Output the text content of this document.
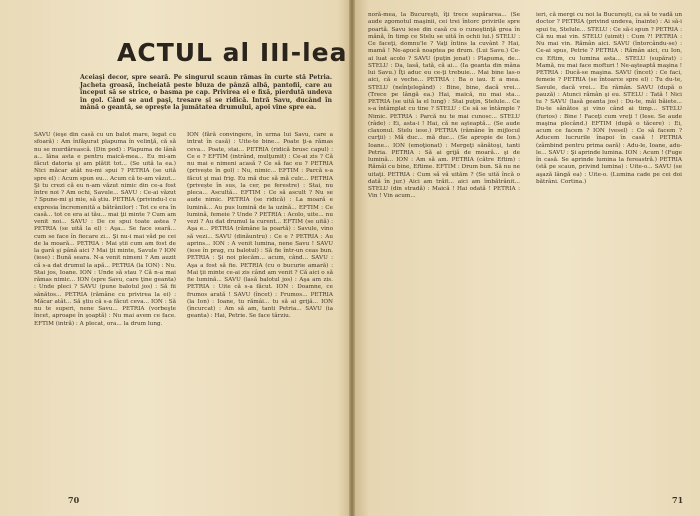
ACTUL al III-lea
Aceiaşi decor, spre seară. Pe singurul scaun rămas în curte stă Petria. Jacheta groasă, încheiată peste bluza de pânză albă, pantofii, care au început să se strice, o basma pe cap. Privirea ei e fixă, pierdută undeva în gol. Când se aud paşi, tresare și se ridică. Intră Savu, ducând în mână o geantă, se oprește la jumătatea drumului, apoi vine spre ea.

SAVU (ieşe din casă cu un balot mare, legat cu sfoară) : Am înfăşurat plapuma în velinţă, că să nu se murdărească. (Din pod) : Plapuma de lână a... lâna asta e pentru maică-mea... Eu mi-am făcut datoria şi am plătit tot... (Se uită la ea.) Nici măcar atât nu-mi spui ? PETRIA (se uită spre el) : Acum spun eu... Acum că te-am văzut... Şi tu crezi că eu n-am văzut nimic din ce-a fost între noi ? Am ochi, Savule... SAVU : Ce-ai văzut ? Spune-mi şi mie, să ştiu. PETRIA (privindu-l cu expresia încremenită a bătrânilor) : Tot ce era în casă... tot ce era ai tău... mai ţii minte ? Cum am venit noi... SAVU : De ce spui toate astea ? PETRIA (se uită la el) : Aşa... Se face seară... cum se face în fiecare zi... Şi nu-i mai văd pe cei de la moară... PETRIA : Mai știi cum am fost de la gară şi până aici ? Mai ţii minte, Savule ? ION (iese) : Bună seara. N-a venit nimeni ? Am auzit că s-a dat drumul la apă... PETRIA (la ION) : Nu. Stai jos, Ioane. ION : Unde să stau ? Că n-a mai rămas nimic... ION (spre Savu, care ţine geanta) : Unde pleci ? SAVU (pune balotul jos) : Să fii sănătos... PETRIA (rămâne cu privirea la ei) : Măcar atât... Să ştiu că s-a făcut ceva... ION : Să nu te superi, nene Savu... PETRIA (vorbeşte încet, aproape în şoaptă) : Nu mai avem ce face. EFTIM (intră) : A plecat, ora... la drum lung.

ION (fără convingere, în urma lui Savu, care a intrat în casă) : Uite-te bine... Poate ţi-a rămas ceva... Poate, stai... PETRIA (ridică brusc capul) : Ce e ? EFTIM (intrând, mulţumit) : Ce-ai zis ? Că nu mai e nimeni acasă ? Ce să fac eu ? PETRIA (privește în gol) : Nu, nimic... EFTIM : Parcă s-a făcut şi mai frig. Eu mă duc să mă culc... PETRIA (privește în sus, la cer, pe ferestre) : Stai, nu pleca... Ascultă... EFTIM : Ce să ascult ? Nu se aude nimic. PETRIA (se ridică) : La moară e lumină... Au pus lumină de la uzină... EFTIM : Ce lumină, femeie ? Unde ? PETRIA : Acolo, uite... nu vezi ? Au dat drumul la curent... EFTIM (se uită) : Aşa e... PETRIA (rămâne la poartă) : Savule, vino să vezi... SAVU (dinăuntru) : Ce e ? PETRIA : Au aprins... ION : A venit lumina, nene Savu ! SAVU (iese în prag, cu balotul) : Să fie într-un ceas bun. PETRIA : Şi noi plecăm... acum, când... SAVU : Aşa a fost să fie. PETRIA (cu o bucurie amară) : Mai ţii minte ce-ai zis când am venit ? Că aici o să fie lumină... SAVU (lasă balotul jos) : Aşa am zis. PETRIA : Uite că s-a făcut. ION : Doamne, ce frumos arată ! SAVU (încet) : Frumos... PETRIA (la Ion) : Ioane, tu rămâi... tu să ai grijă... ION (încurcat) : Am să am, tanti Petria... SAVU (ia geanta) : Hai, Petrie. Se face târziu.

70

noră-mea, la Bucureşti, îţi trece supărarea... (Se aude zgomotul maşinii, cei trei întorc privirile spre poartă. Savu iese din casă cu o cunoştinţă grea în mână, în timp ce Stelu se uită în ochii lui.) STELU : Ce faceţi, domnu'le ? Vaţi întins la cuvânt ? Hai, mamă ! Ne-apucă noaptea pe drum. (Lui Savu.) Ce-ai luat acolo ? SAVU (puţin jenat) : Plapuma, de... STELU : Da, lasă, tată, că ai... (Ia geanta din mâna lui Savu.) Îţi aduc eu ce-ţi trebuie... Mai bine las-o aici, că e veche... PETRIA : Ba o iau. E a mea. STELU (neînţelegând) : Bine, bine, dacă vrei... (Trece pe lângă ea.) Hai, maică, nu mai sta... PETRIA (se uită la el lung) : Stai puţin, Stelule... Ce s-a întâmplat cu tine ? STELU : Ce să se întâmple ? Nimic. PETRIA : Parcă nu te mai cunosc... STELU (râde) : Ei, asta-i ! Hai, că ne aşteaptă... (Se aude claxonul. Stelu iese.) PETRIA (rămâne în mijlocul curţii) : Mă duc... mă duc... (Se apropie de Ion.) Ioane... ION (emoţionat) : Mergeţi sănătoşi, tanti Petria. PETRIA : Să ai grijă de moară... şi de lumină... ION : Am să am. PETRIA (către Eftim) : Rămâi cu bine, Eftime. EFTIM : Drum bun. Să nu ne uitaţi. PETRIA : Cum să vă uităm ? (Se uită încă o dată în jur.) Aici am trăit... aici am îmbătrânit... STELU (din stradă) : Maică ! Hai odată ! PETRIA : Vin ! Vin acum...

ieri, că mergi cu noi la Bucureşti, ca să te vadă un doctor ? PETRIA (privind undeva, înainte) : Ai să-i spui tu, Stelule... STELU : Ce să-i spun ? PETRIA : Că nu mai vin. STELU (uimit) : Cum ?! PETRIA : Nu mai vin. Rămân aici. SAVU (întorcându-se) : Ce-ai spus, Petrie ? PETRIA : Rămân aici, cu Ion, cu Eftim, cu lumina asta... STELU (supărat) : Mamă, nu mai face mofturi ! Ne-aşteaptă maşina ! PETRIA : Ducă-se maşina. SAVU (încet) : Ce faci, femeie ? PETRIA (se întoarce spre el) : Tu du-te, Savule, dacă vrei... Eu rămân. SAVU (după o pauză) : Atunci rămân şi eu. STELU : Tată ! Nici tu ? SAVU (lasă geanta jos) : Du-te, măi băiete... Du-te sănătos şi vino când ai timp... STELU (furios) : Bine ! Faceţi cum vreţi ! (Iese. Se aude maşina plecând.) EFTIM (după o tăcere) : Ei, acum ce facem ? ION (vesel) : Ce să facem ? Aducem lucrurile înapoi în casă ! PETRIA (zâmbind pentru prima oară) : Adu-le, Ioane, adu-le... SAVU : Şi aprinde lumina. ION : Acum ! (Fuge în casă. Se aprinde lumina la fereastră.) PETRIA (stă pe scaun, privind lumina) : Uite-o... SAVU (se aşază lângă ea) : Uite-o. (Lumina cade pe cei doi bătrâni. Cortina.)

71
